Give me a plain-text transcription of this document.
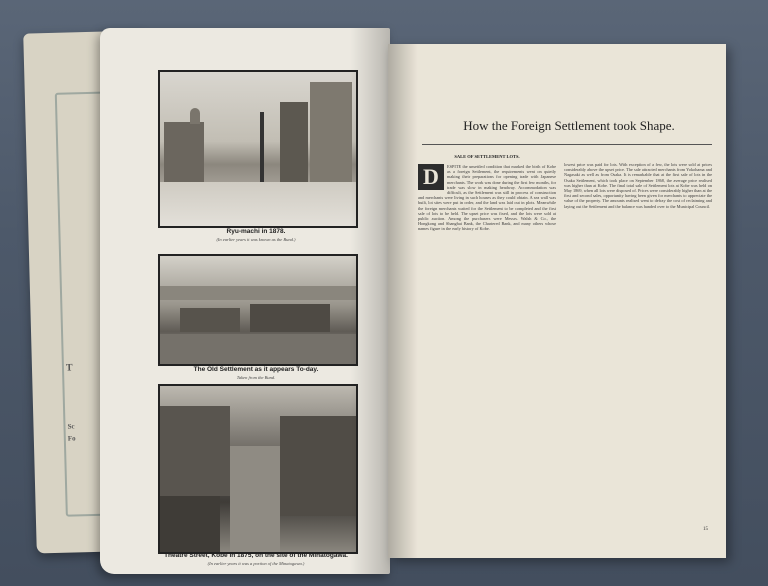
T
Sc
Fo
Ryu-machi in 1878.
(In earlier years it was known as the Bund.)
The Old Settlement as it appears To-day.
Taken from the Bund.
Theatre Street, Kobe in 1875, on the site of the Minatogawa.
(In earlier years it was a portion of the Minatogawa.)
How the Foreign Settlement took Shape.
SALE OF SETTLEMENT LOTS.
D	ESPITE the unsettled condition that marked the birth of Kobe as a foreign Settlement, the requirements went on quietly making their preparations for opening trade with Japanese merchants. The work was done during the first few months, for trade was slow in making headway. Accommodation was difficult, as the Settlement was still in process of construction and merchants were living in such houses as they could obtain. A sea wall was built, lot sites were put in order, and the land was laid out in plots. Meanwhile the foreign merchants waited for the Settlement to be completed and the first sale of lots to be held. The upset price was fixed, and the lots were sold at public auction. Among the purchasers were Messrs. Walsh & Co., the Hongkong and Shanghai Bank, the Chartered Bank, and many others whose names figure in the early history of Kobe.
lowest price was paid for lots. With exception of a few, the lots were sold at prices considerably above the upset price. The sale attracted merchants from Yokohama and Nagasaki as well as from Osaka. It is remarkable that at the first sale of lots in the Osaka Settlement, which took place on September 1868, the average price realised was higher than at Kobe. The final total sale of Settlement lots at Kobe was held on May 1869, when all lots were disposed of. Prices were considerably higher than at the first and second sales, opportunity having been given for merchants to appreciate the value of the property. The amounts realised went to defray the cost of reclaiming and laying out the Settlement and the balance was handed over to the Municipal Council.
15
